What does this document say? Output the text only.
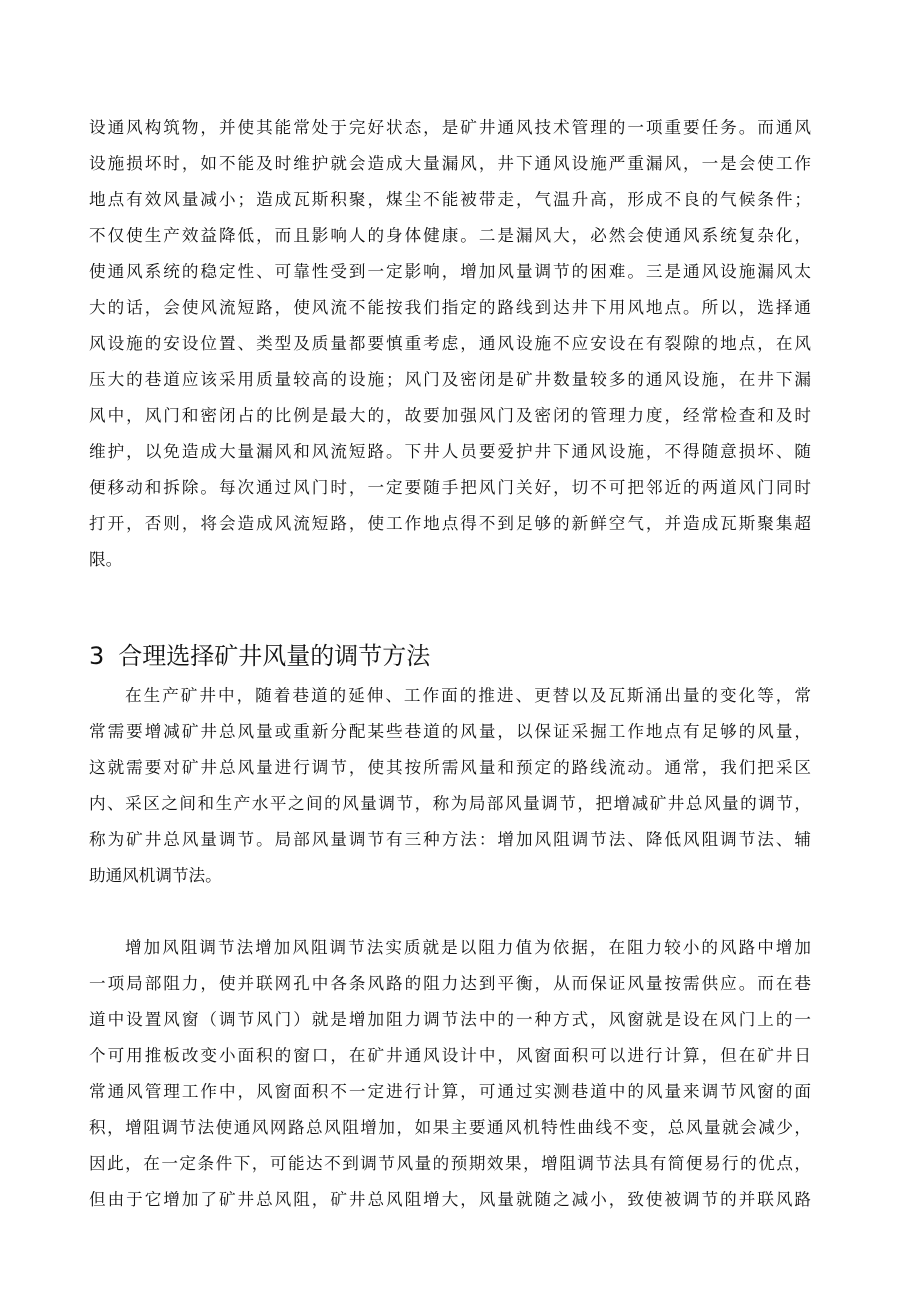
设通风构筑物，并使其能常处于完好状态，是矿井通风技术管理的一项重要任务。而通风
设施损坏时，如不能及时维护就会造成大量漏风，井下通风设施严重漏风，一是会使工作
地点有效风量减小；造成瓦斯积聚，煤尘不能被带走，气温升高，形成不良的气候条件；
不仅使生产效益降低，而且影响人的身体健康。二是漏风大，必然会使通风系统复杂化，
使通风系统的稳定性、可靠性受到一定影响，增加风量调节的困难。三是通风设施漏风太
大的话，会使风流短路，使风流不能按我们指定的路线到达井下用风地点。所以，选择通
风设施的安设位置、类型及质量都要慎重考虑，通风设施不应安设在有裂隙的地点，在风
压大的巷道应该采用质量较高的设施；风门及密闭是矿井数量较多的通风设施，在井下漏
风中，风门和密闭占的比例是最大的，故要加强风门及密闭的管理力度，经常检查和及时
维护，以免造成大量漏风和风流短路。下井人员要爱护井下通风设施，不得随意损坏、随
便移动和拆除。每次通过风门时，一定要随手把风门关好，切不可把邻近的两道风门同时
打开，否则，将会造成风流短路，使工作地点得不到足够的新鲜空气，并造成瓦斯聚集超
限。
3 合理选择矿井风量的调节方法
在生产矿井中，随着巷道的延伸、工作面的推进、更替以及瓦斯涌出量的变化等，常
常需要增减矿井总风量或重新分配某些巷道的风量，以保证采掘工作地点有足够的风量，
这就需要对矿井总风量进行调节，使其按所需风量和预定的路线流动。通常，我们把采区
内、采区之间和生产水平之间的风量调节，称为局部风量调节，把增减矿井总风量的调节，
称为矿井总风量调节。局部风量调节有三种方法：增加风阻调节法、降低风阻调节法、辅
助通风机调节法。
增加风阻调节法增加风阻调节法实质就是以阻力值为依据，在阻力较小的风路中增加
一项局部阻力，使并联网孔中各条风路的阻力达到平衡，从而保证风量按需供应。而在巷
道中设置风窗（调节风门）就是增加阻力调节法中的一种方式，风窗就是设在风门上的一
个可用推板改变小面积的窗口，在矿井通风设计中，风窗面积可以进行计算，但在矿井日
常通风管理工作中，风窗面积不一定进行计算，可通过实测巷道中的风量来调节风窗的面
积，增阻调节法使通风网路总风阻增加，如果主要通风机特性曲线不变，总风量就会减少，
因此，在一定条件下，可能达不到调节风量的预期效果，增阻调节法具有简便易行的优点，
但由于它增加了矿井总风阻，矿井总风阻增大，风量就随之减小，致使被调节的并联风路
